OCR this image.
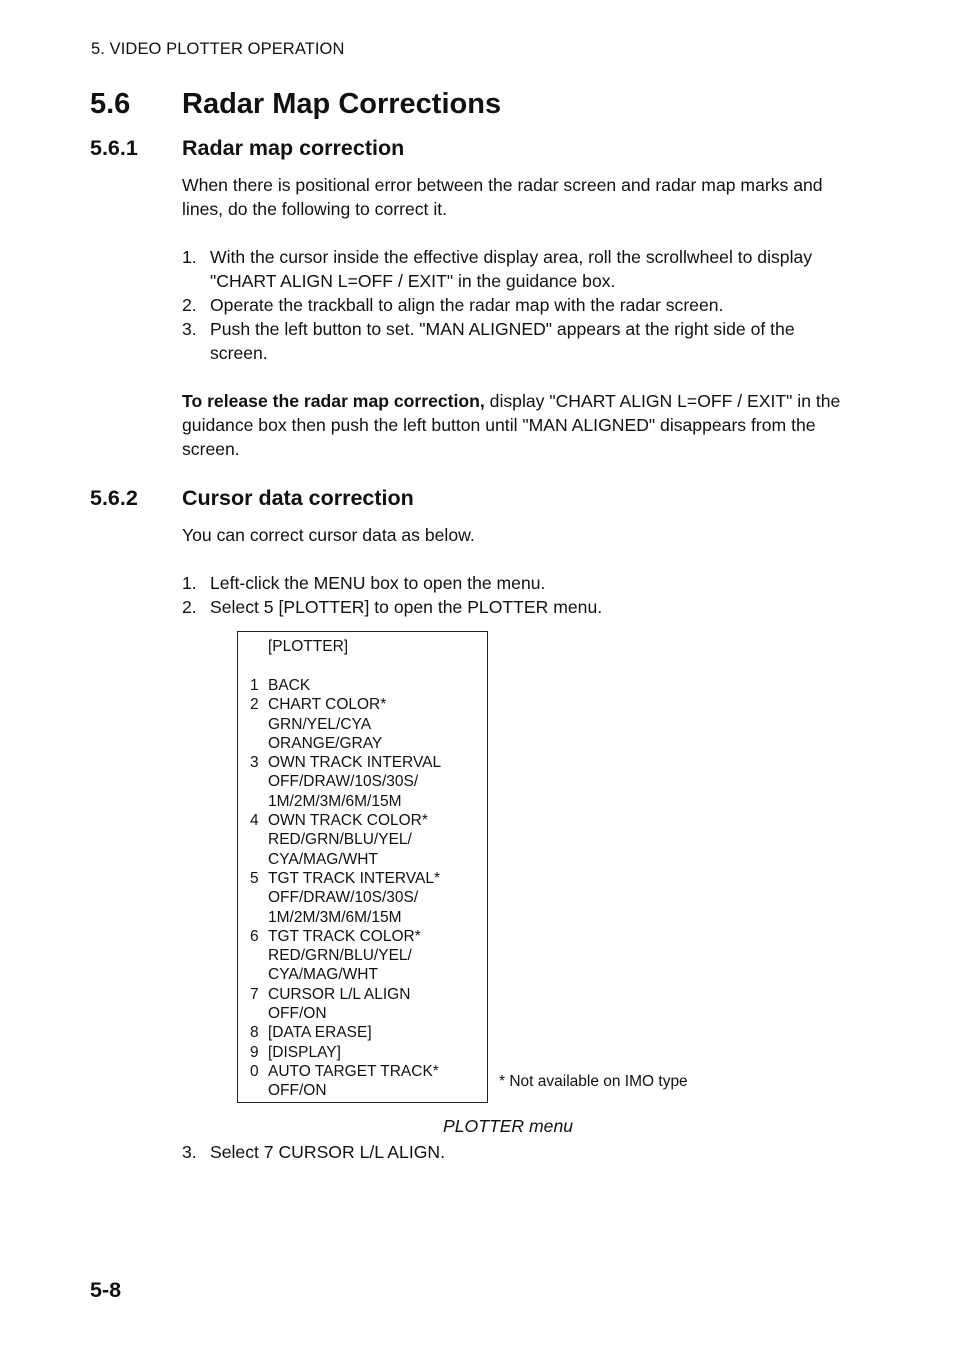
5. VIDEO PLOTTER OPERATION
5.6 Radar Map Corrections
5.6.1 Radar map correction

When there is positional error between the radar screen and radar map marks and lines, do the following to correct it.

1. With the cursor inside the effective display area, roll the scrollwheel to display "CHART ALIGN L=OFF / EXIT" in the guidance box.
2. Operate the trackball to align the radar map with the radar screen.
3. Push the left button to set. "MAN ALIGNED" appears at the right side of the screen.

To release the radar map correction, display "CHART ALIGN L=OFF / EXIT" in the guidance box then push the left button until "MAN ALIGNED" disappears from the screen.

5.6.2 Cursor data correction

You can correct cursor data as below.

1. Left-click the MENU box to open the menu.
2. Select 5 [PLOTTER] to open the PLOTTER menu.
[PLOTTER]
1 BACK
2 CHART COLOR*
GRN/YEL/CYA
ORANGE/GRAY
3 OWN TRACK INTERVAL
OFF/DRAW/10S/30S/
1M/2M/3M/6M/15M
4 OWN TRACK COLOR*
RED/GRN/BLU/YEL/
CYA/MAG/WHT
5 TGT TRACK INTERVAL*
OFF/DRAW/10S/30S/
1M/2M/3M/6M/15M
6 TGT TRACK COLOR*
RED/GRN/BLU/YEL/
CYA/MAG/WHT
7 CURSOR L/L ALIGN
OFF/ON
8 [DATA ERASE]
9 [DISPLAY]
0 AUTO TARGET TRACK*
OFF/ON
* Not available on IMO type
PLOTTER menu
3. Select 7 CURSOR L/L ALIGN.
5-8
